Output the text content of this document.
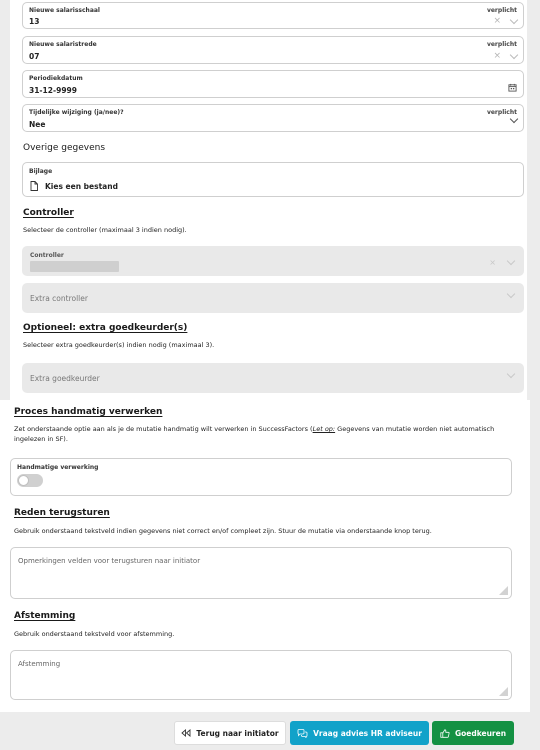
Nieuwe salarisschaal	verplicht
13	×
Nieuwe salaristrede	verplicht
07	×
Periodiekdatum
31-12-9999
Tijdelijke wijziging (ja/nee)?	verplicht
Nee
Overige gegevens
Bijlage
Kies een bestand
Controller
Selecteer de controller (maximaal 3 indien nodig).
Controller
×
Extra controller
Optioneel: extra goedkeurder(s)
Selecteer extra goedkeurder(s) indien nodig (maximaal 3).
Extra goedkeurder
Proces handmatig verwerken
Zet onderstaande optie aan als je de mutatie handmatig wilt verwerken in SuccessFactors (Let op: Gegevens van mutatie worden niet automatisch ingelezen in SF).
Handmatige verwerking
Reden terugsturen
Gebruik onderstaand tekstveld indien gegevens niet correct en/of compleet zijn. Stuur de mutatie via onderstaande knop terug.
Opmerkingen velden voor terugsturen naar initiator
Afstemming
Gebruik onderstaand tekstveld voor afstemming.
Afstemming
Terug naar initiator	Vraag advies HR adviseur	Goedkeuren
